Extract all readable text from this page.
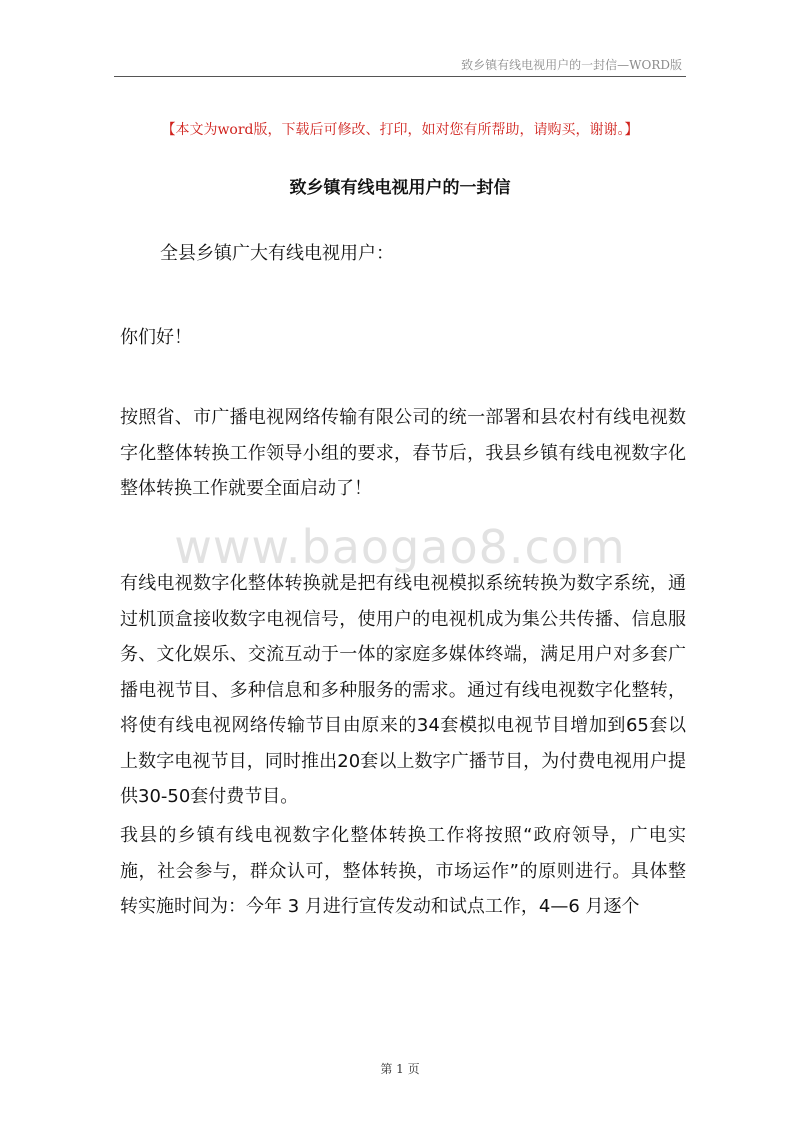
致乡镇有线电视用户的一封信—WORD版
【本文为word版，下载后可修改、打印，如对您有所帮助，请购买，谢谢。】
致乡镇有线电视用户的一封信
全县乡镇广大有线电视用户：
你们好！

按照省、市广播电视网络传输有限公司的统一部署和县农村有线电视数字化整体转换工作领导小组的要求，春节后，我县乡镇有线电视数字化整体转换工作就要全面启动了！

有线电视数字化整体转换就是把有线电视模拟系统转换为数字系统，通过机顶盒接收数字电视信号，使用户的电视机成为集公共传播、信息服务、文化娱乐、交流互动于一体的家庭多媒体终端，满足用户对多套广播电视节目、多种信息和多种服务的需求。通过有线电视数字化整转，将使有线电视网络传输节目由原来的34套模拟电视节目增加到65套以上数字电视节目，同时推出20套以上数字广播节目，为付费电视用户提供30-50套付费节目。

我县的乡镇有线电视数字化整体转换工作将按照“政府领导，广电实施，社会参与，群众认可，整体转换，市场运作”的原则进行。具体整转实施时间为：今年 3 月进行宣传发动和试点工作，4—6 月逐个

www.baogao8.com
第 1 页
